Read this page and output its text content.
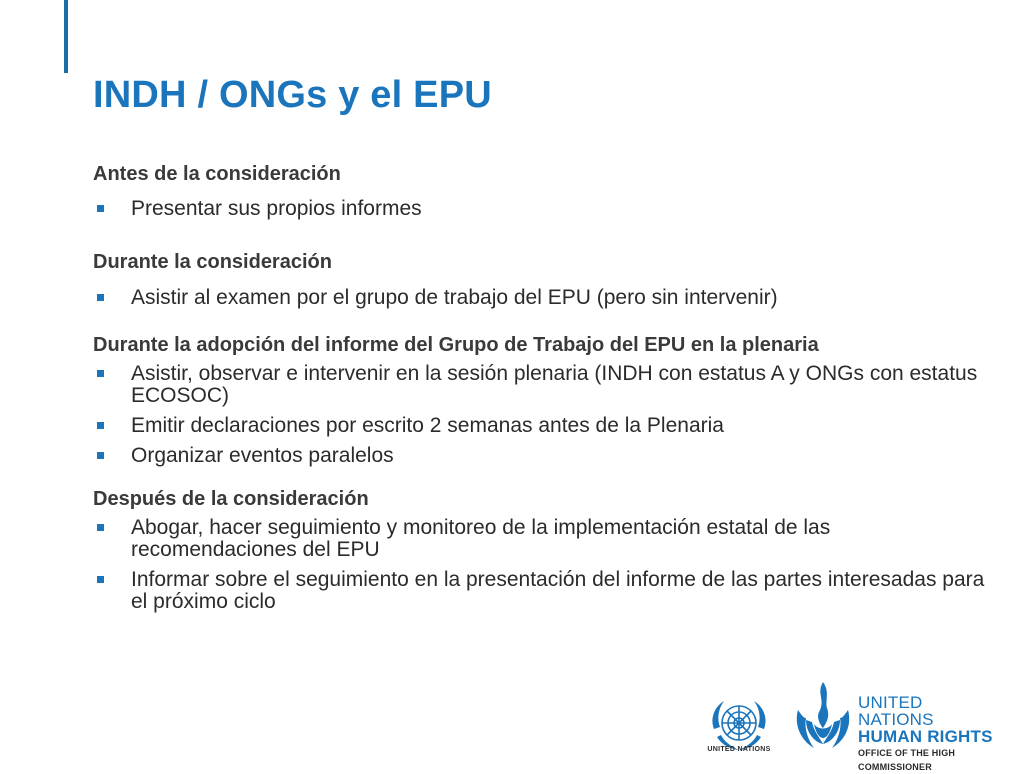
INDH / ONGs y el EPU
Antes de la consideración
Presentar sus propios informes
Durante la consideración
Asistir al examen por el grupo de trabajo del EPU (pero sin intervenir)
Durante la adopción del informe del Grupo de Trabajo del EPU en la plenaria
Asistir, observar e intervenir en la sesión plenaria (INDH con estatus A y ONGs con estatus ECOSOC)
Emitir declaraciones por escrito 2 semanas antes de la Plenaria
Organizar eventos paralelos
Después de la consideración
Abogar, hacer seguimiento y monitoreo de la implementación estatal de las recomendaciones del EPU
Informar sobre el seguimiento en la presentación del informe de las partes interesadas para el próximo ciclo
UNITED NATIONS
UNITED NATIONS
HUMAN RIGHTS
OFFICE OF THE HIGH COMMISSIONER
